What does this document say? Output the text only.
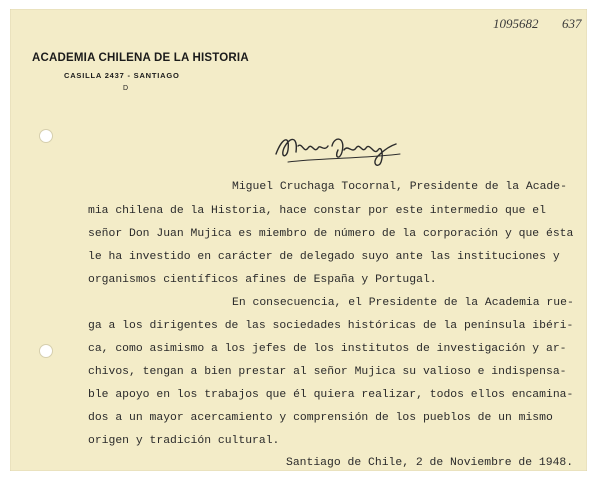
ACADEMIA CHILENA DE LA HISTORIA
CASILLA 2437 - SANTIAGO
D
1095682 637
Miguel Cruchaga Tocornal, Presidente de la Acade-
mia chilena de la Historia, hace constar por este intermedio que el
señor Don Juan Mujica es miembro de número de la corporación y que ésta
le ha investido en carácter de delegado suyo ante las instituciones y
organismos científicos afines de España y Portugal.
En consecuencia, el Presidente de la Academia rue-
ga a los dirigentes de las sociedades históricas de la península ibéri-
ca, como asimismo a los jefes de los institutos de investigación y ar-
chivos, tengan a bien prestar al señor Mujica su valioso e indispensa-
ble apoyo en los trabajos que él quiera realizar, todos ellos encamina-
dos a un mayor acercamiento y comprensión de los pueblos de un mismo
origen y tradición cultural.
Santiago de Chile, 2 de Noviembre de 1948.
